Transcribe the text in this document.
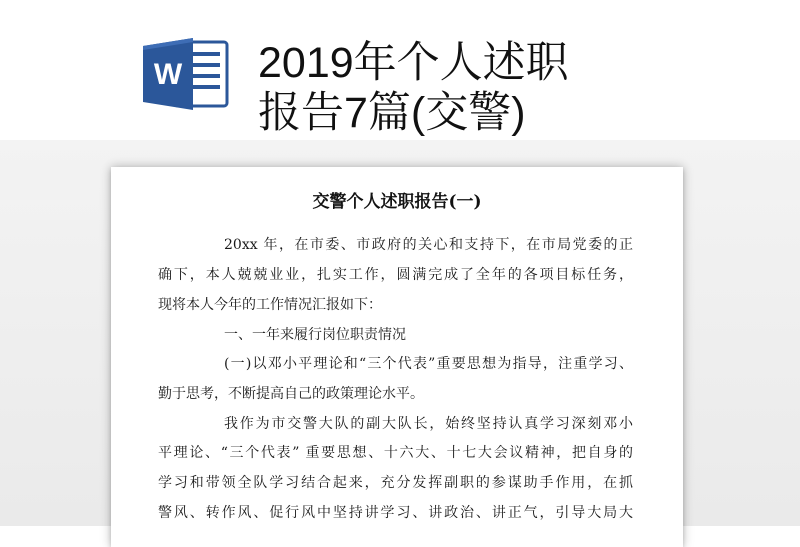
W 2019年个人述职
报告7篇(交警)
交警个人述职报告(一)
20xx 年，在市委、市政府的关心和支持下，在市局党委的正
确下，本人兢兢业业，扎实工作，圆满完成了全年的各项目标任务，
现将本人今年的工作情况汇报如下：
一、一年来履行岗位职责情况
(一)以邓小平理论和“三个代表”重要思想为指导，注重学习、
勤于思考，不断提高自己的政策理论水平。
我作为市交警大队的副大队长，始终坚持认真学习深刻邓小
平理论、“三个代表” 重要思想、十六大、十七大会议精神，把自身的
学习和带领全队学习结合起来，充分发挥副职的参谋助手作用，在抓
警风、转作风、促行风中坚持讲学习、讲政治、讲正气，引导大局大
